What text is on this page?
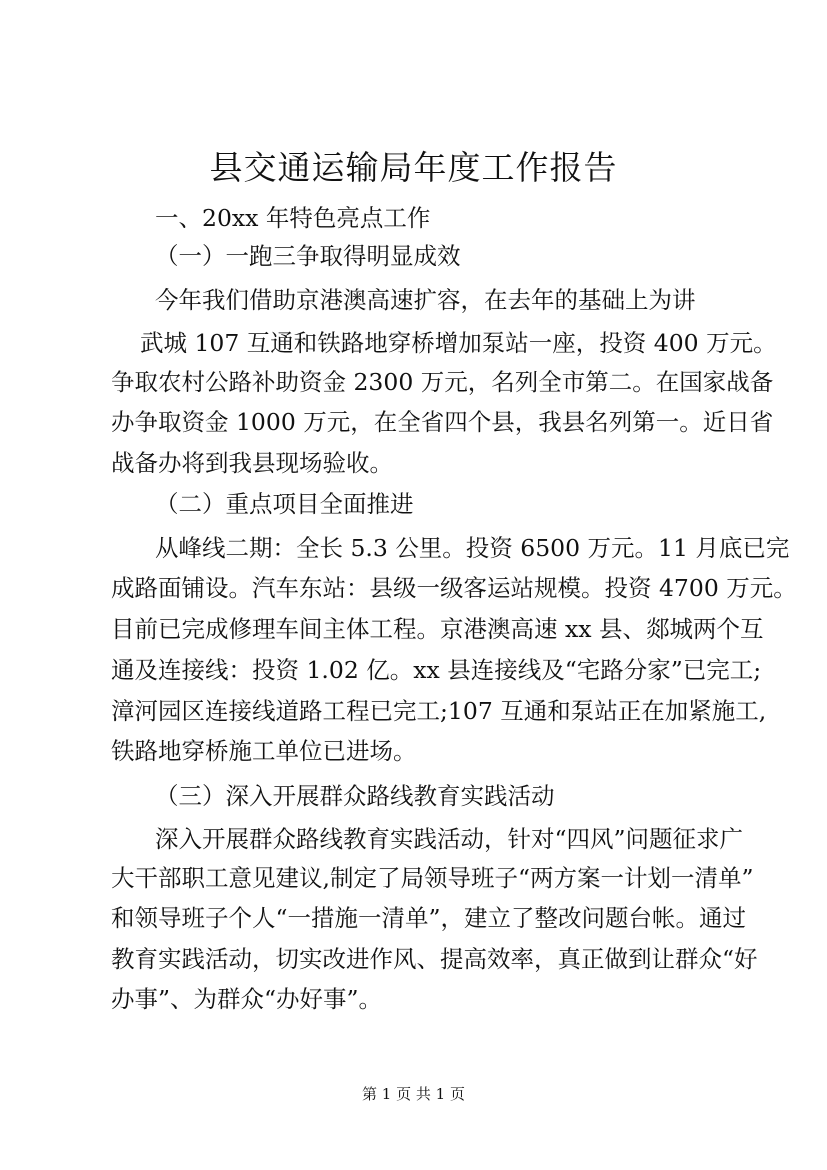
县交通运输局年度工作报告

一、20xx 年特色亮点工作

（一）一跑三争取得明显成效

今年我们借助京港澳高速扩容，在去年的基础上为讲

武城 107 互通和铁路地穿桥增加泵站一座，投资 400 万元。

争取农村公路补助资金 2300 万元，名列全市第二。在国家战备

办争取资金 1000 万元，在全省四个县，我县名列第一。近日省

战备办将到我县现场验收。

（二）重点项目全面推进

从峰线二期：全长 5.3 公里。投资 6500 万元。11 月底已完

成路面铺设。汽车东站：县级一级客运站规模。投资 4700 万元。

目前已完成修理车间主体工程。京港澳高速 xx 县、郯城两个互

通及连接线：投资 1.02 亿。xx 县连接线及“宅路分家”已完工;

漳河园区连接线道路工程已完工;107 互通和泵站正在加紧施工,

铁路地穿桥施工单位已进场。

（三）深入开展群众路线教育实践活动

深入开展群众路线教育实践活动，针对“四风”问题征求广

大干部职工意见建议,制定了局领导班子“两方案一计划一清单”

和领导班子个人“一措施一清单”，建立了整改问题台帐。通过

教育实践活动，切实改进作风、提高效率，真正做到让群众“好

办事”、为群众“办好事”。

第 1 页 共 1 页
